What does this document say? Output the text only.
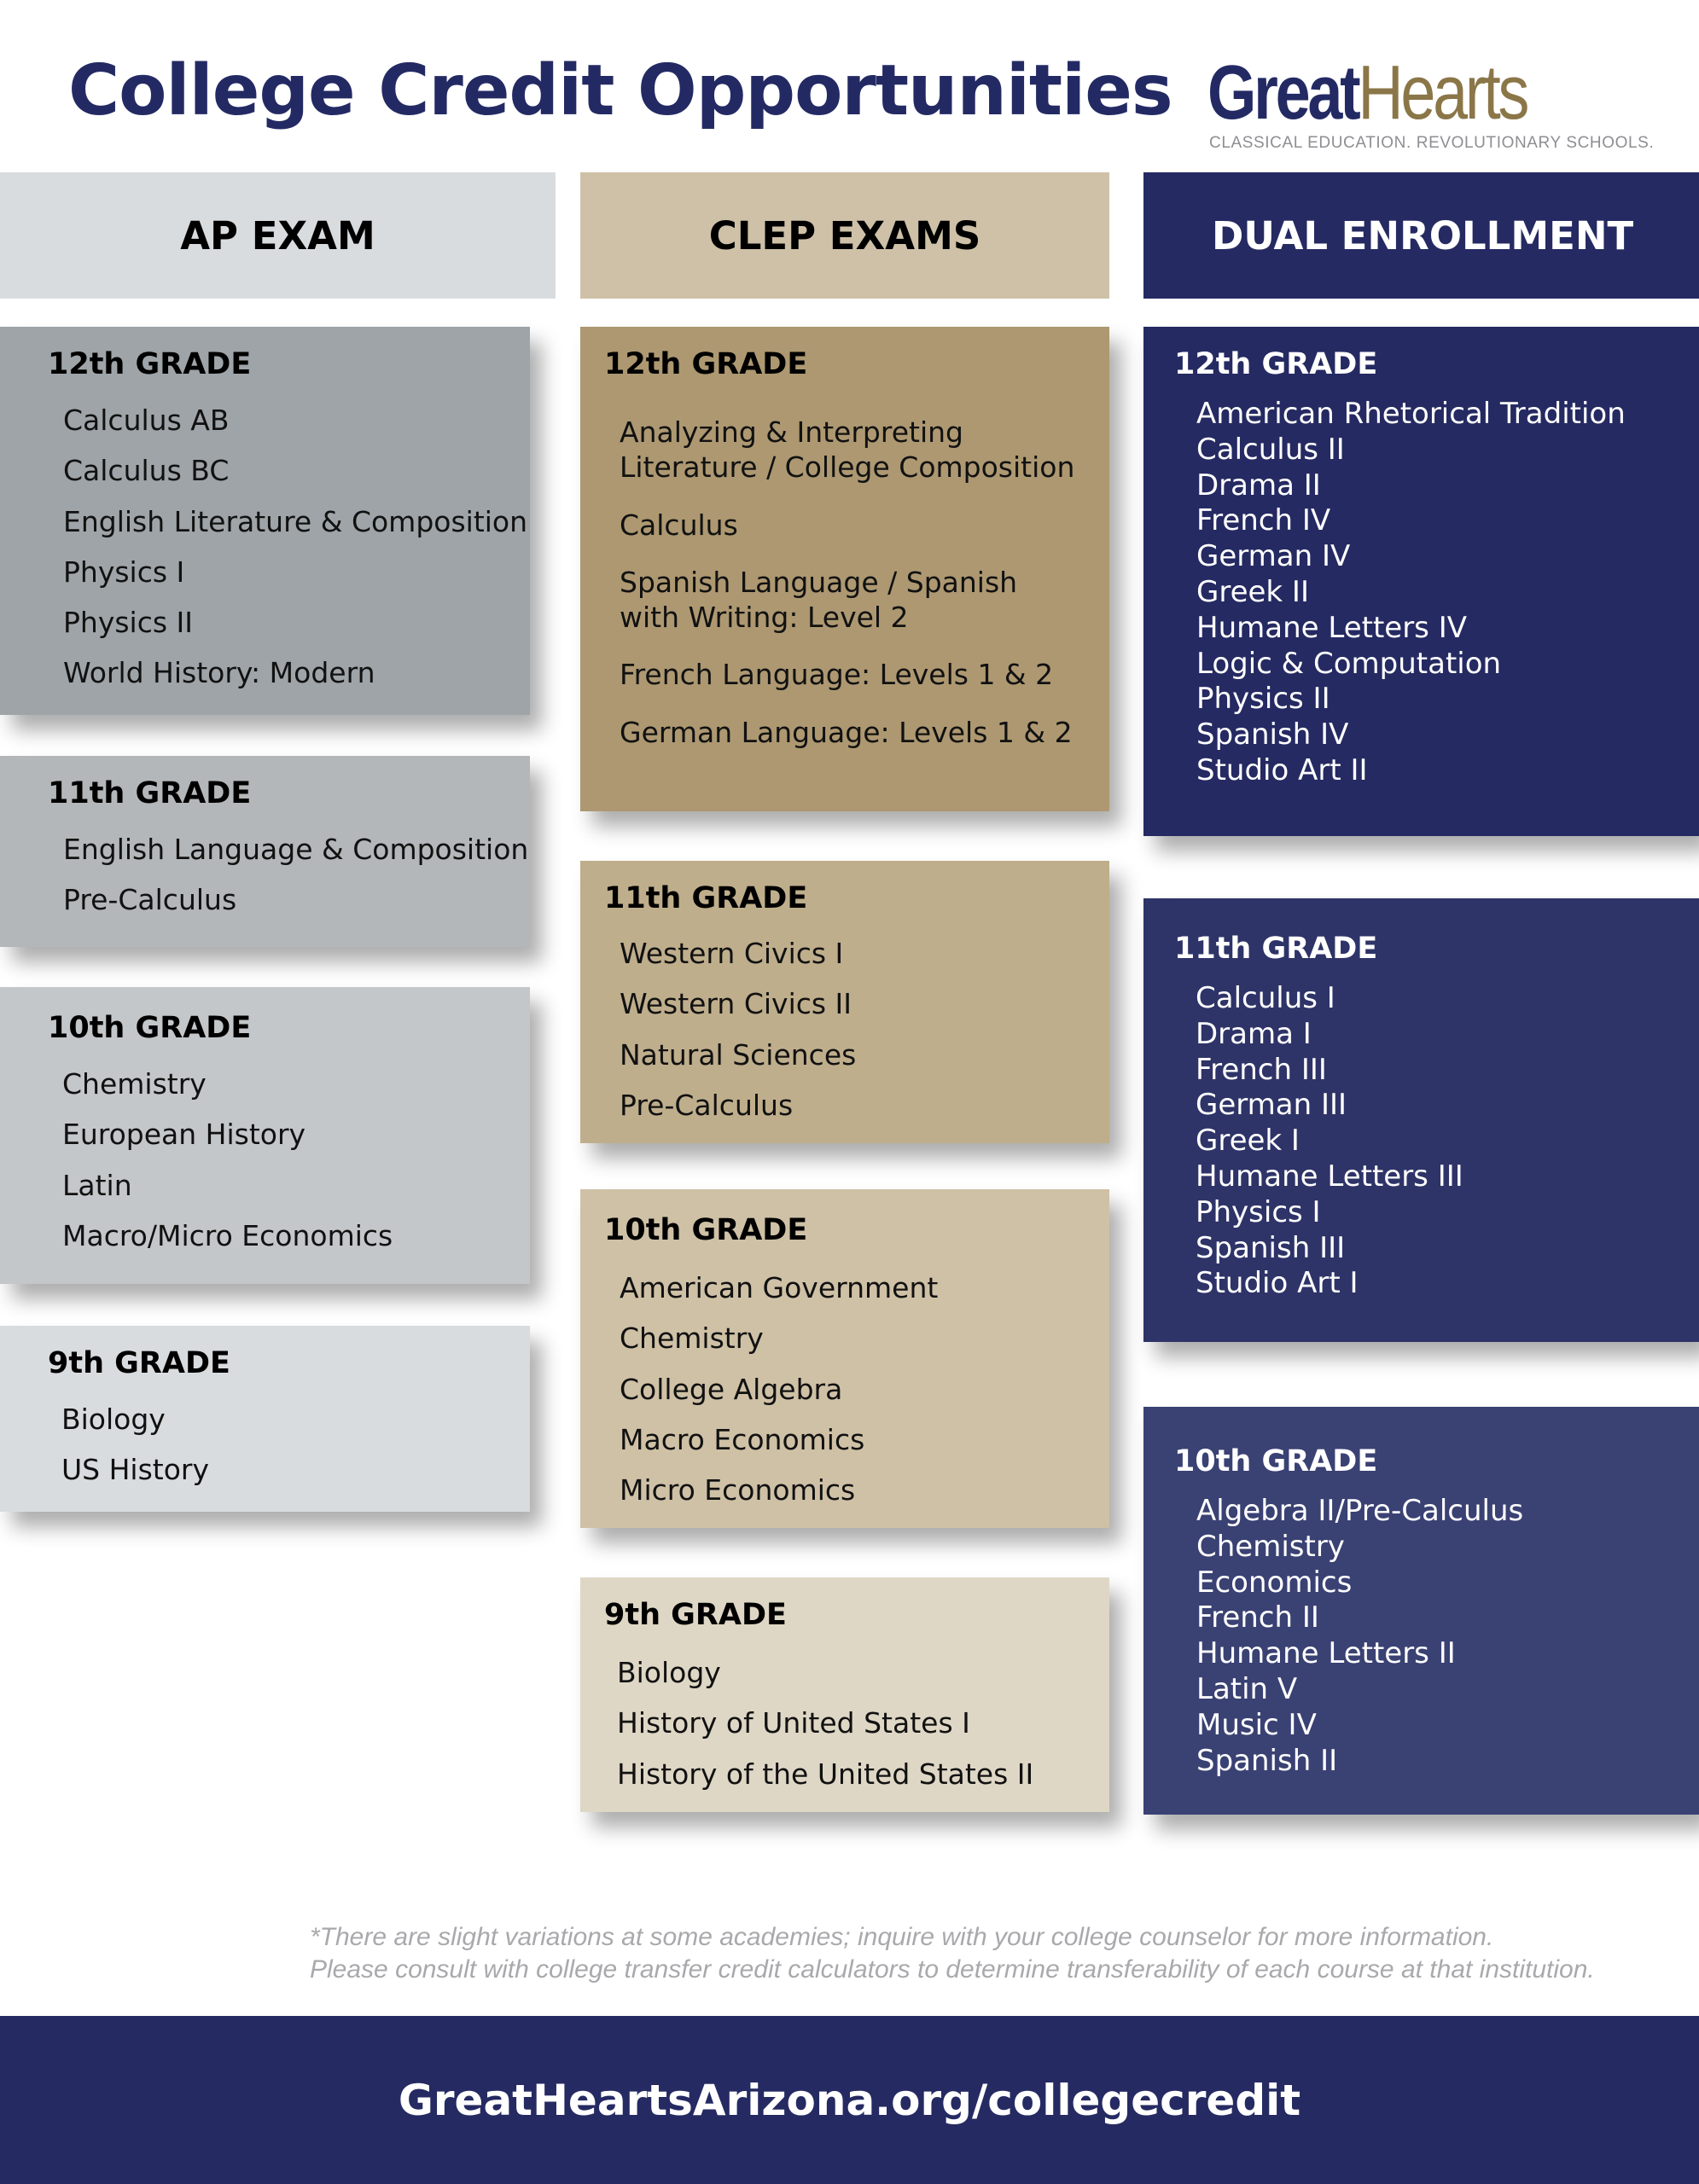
College Credit Opportunities GreatHearts
CLASSICAL EDUCATION. REVOLUTIONARY SCHOOLS.
AP EXAM	CLEP EXAMS	DUAL ENROLLMENT
12th GRADE
Calculus AB
Calculus BC
English Literature & Composition
Physics I
Physics II
World History: Modern
11th GRADE
English Language & Composition
Pre-Calculus
10th GRADE
Chemistry
European History
Latin
Macro/Micro Economics
9th GRADE
Biology
US History
12th GRADE
Analyzing & Interpreting Literature / College Composition
Calculus
Spanish Language / Spanish with Writing: Level 2
French Language: Levels 1 & 2
German Language: Levels 1 & 2
11th GRADE
Western Civics I
Western Civics II
Natural Sciences
Pre-Calculus
10th GRADE
American Government
Chemistry
College Algebra
Macro Economics
Micro Economics
9th GRADE
Biology
History of United States I
History of the United States II
12th GRADE
American Rhetorical Tradition
Calculus II
Drama II
French IV
German IV
Greek II
Humane Letters IV
Logic & Computation
Physics II
Spanish IV
Studio Art II
11th GRADE
Calculus I
Drama I
French III
German III
Greek I
Humane Letters III
Physics I
Spanish III
Studio Art I
10th GRADE
Algebra II/Pre-Calculus
Chemistry
Economics
French II
Humane Letters II
Latin V
Music IV
Spanish II
*There are slight variations at some academies; inquire with your college counselor for more information.
Please consult with college transfer credit calculators to determine transferability of each course at that institution.
GreatHeartsArizona.org/collegecredit
